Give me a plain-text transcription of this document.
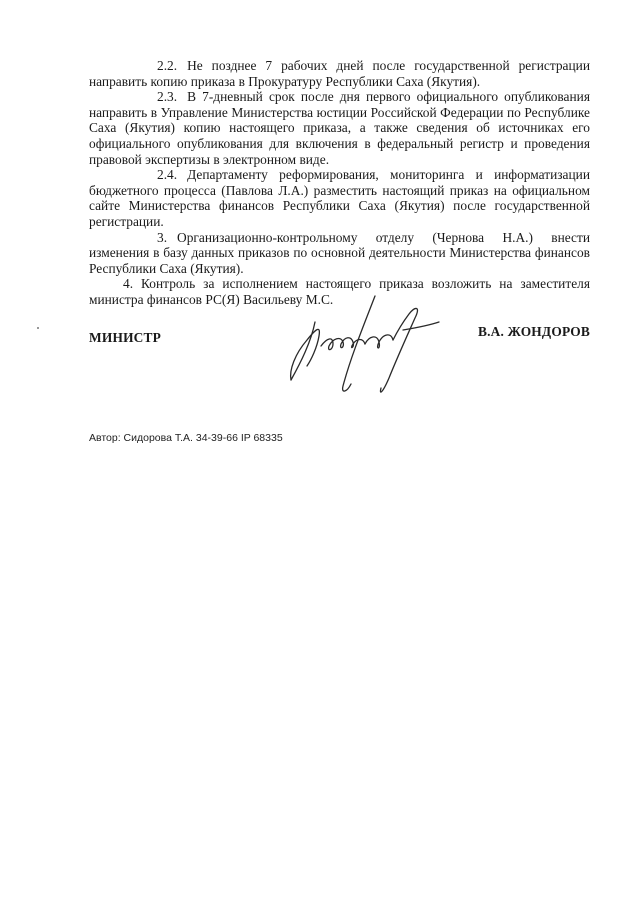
2.2. Не позднее 7 рабочих дней после государственной регистрации направить копию приказа в Прокуратуру Республики Саха (Якутия).

2.3. В 7-дневный срок после дня первого официального опубликования направить в Управление Министерства юстиции Российской Федерации по Республике Саха (Якутия) копию настоящего приказа, а также сведения об источниках его официального опубликования для включения в федеральный регистр и проведения правовой экспертизы в электронном виде.

2.4. Департаменту реформирования, мониторинга и информатизации бюджетного процесса (Павлова Л.А.) разместить настоящий приказ на официальном сайте Министерства финансов Республики Саха (Якутия) после государственной регистрации.

3. Организационно-контрольному отделу (Чернова Н.А.) внести изменения в базу данных приказов по основной деятельности Министерства финансов Республики Саха (Якутия).

4. Контроль за исполнением настоящего приказа возложить на заместителя министра финансов РС(Я) Васильеву М.С.

МИНИСТР	В.А. ЖОНДОРОВ
Автор: Сидорова Т.А. 34-39-66 IP 68335
